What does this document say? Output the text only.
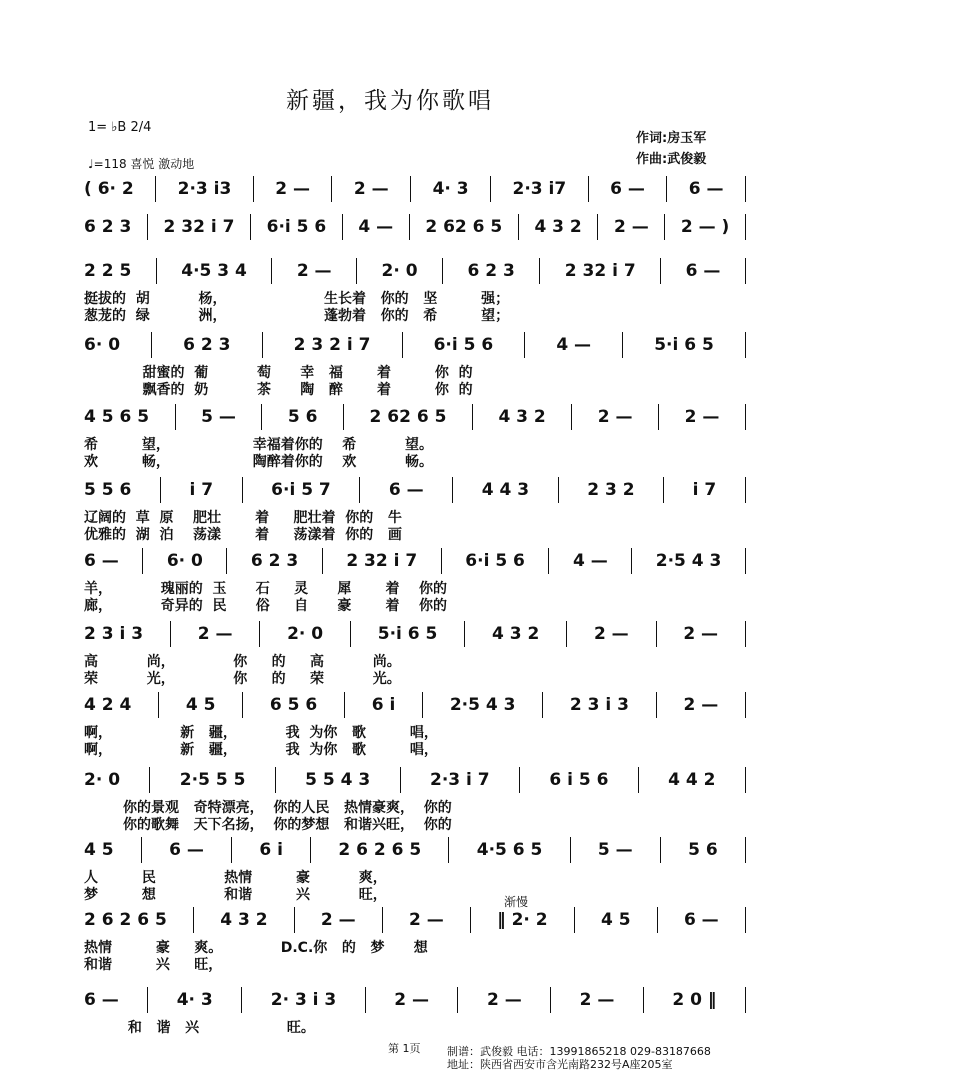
新疆，我为你歌唱
1= ♭B 2/4
♩=118 喜悦 激动地
作词:房玉军
作曲:武俊毅
( 6· 2	2·3 i3	2 —	2 —	4· 3	2·3 i7	6 —	6 —
6 2 3 2 32 i 7 6·i 5 6 4 — 2 62 6 5 4 3 2 2 — 2 — )
2 2 5	4·5 3 4	2 —	2· 0	6 2 3	2 32 i 7	6 —
挺拔的  胡          杨，                    生长着   你的   坚         强；
葱茏的  绿          洲，                    蓬勃着   你的   希         望；
6· 0	6 2 3	2 3 2 i 7	6·i 5 6	4 —	5·i 6 5
甜蜜的  葡          萄      幸   福       着         你  的
飘香的  奶          茶      陶   醉       着         你  的
4 5 6 5	5 —	5 6	2 62 6 5	4 3 2	2 —	2 —
希         望，                 幸福着你的    希          望。
欢         畅，                 陶醉着你的    欢          畅。
5 5 6	i 7	6·i 5 7	6 —	4 4 3	2 3 2	i 7
辽阔的  草  原    肥壮       着     肥壮着  你的   牛
优雅的  湖  泊    荡漾       着     荡漾着  你的   画
6 —	6· 0	6 2 3	2 32 i 7	6·i 5 6	4 —	2·5 4 3
羊，          瑰丽的  玉      石     灵      犀       着    你的
廊，          奇异的  民      俗     自      豪       着    你的
2 3 i 3	2 —	2· 0	5·i 6 5	4 3 2	2 —	2 —
高          尚，            你     的     高          尚。
荣          光，            你     的     荣          光。
4 2 4	4 5	6 5 6	6 i	2·5 4 3	2 3 i 3	2 —
啊，              新   疆，          我  为你   歌         唱，
啊，              新   疆，          我  为你   歌         唱，
2· 0	2·5 5 5	5 5 4 3	2·3 i 7	6 i 5 6	4 4 2
你的景观   奇特漂亮，  你的人民   热情豪爽，  你的
你的歌舞   天下名扬，  你的梦想   和谐兴旺，  你的
4 5	6 —	6 i	2 6 2 6 5	4·5 6 5	5 —	5 6
人         民              热情         豪          爽，
梦         想              和谐         兴          旺，
2 6 2 6 5	4 3 2	2 —	2 —	‖ 2· 2	4 5	6 —
热情         豪     爽。            D.C.你   的   梦      想
和谐         兴     旺，
6 —	4· 3	2· 3 i 3	2 —	2 —	2 —	2 0 ‖
和   谐   兴                  旺。
渐慢
第 1页 制谱：武俊毅 电话：13991865218 029-83187668
地址：陕西省西安市含光南路232号A座205室
